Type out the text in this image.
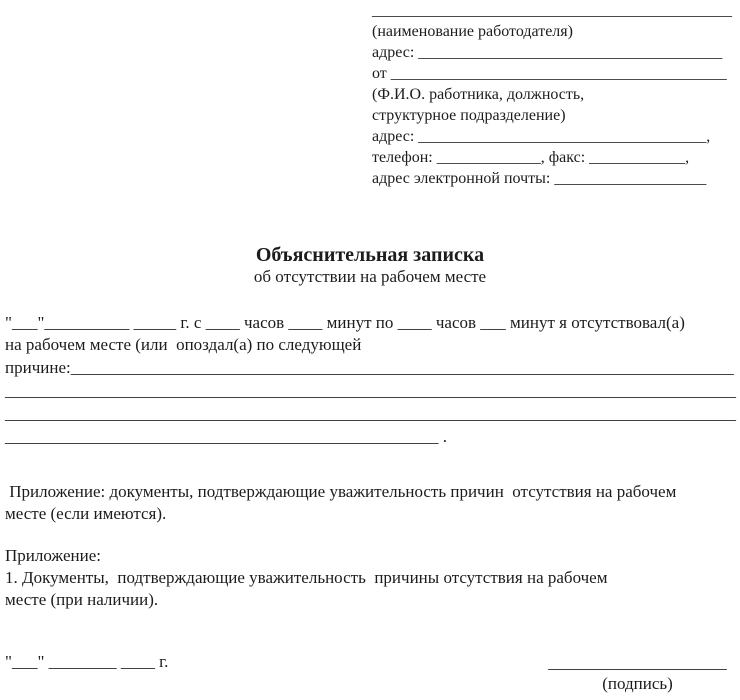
_____________________________________________
(наименование работодателя)
адрес: ______________________________________
от __________________________________________
(Ф.И.О. работника, должность,
структурное подразделение)
адрес: ____________________________________,
телефон: _____________, факс: ____________,
адрес электронной почты: ___________________
Объяснительная записка
об отсутствии на рабочем месте
"___"__________ _____ г. с ____ часов ____ минут по ____ часов ___ минут я отсутствовал(а)
на рабочем месте (или  опоздал(а) по следующей
причине:______________________________________________________________________________
______________________________________________________________________________________
______________________________________________________________________________________
___________________________________________________ .
Приложение: документы, подтверждающие уважительность причин  отсутствия на рабочем
месте (если имеются).
Приложение:
1. Документы,  подтверждающие уважительность  причины отсутствия на рабочем
месте (при наличии).
"___" ________ ____ г.	_____________________
(подпись)
